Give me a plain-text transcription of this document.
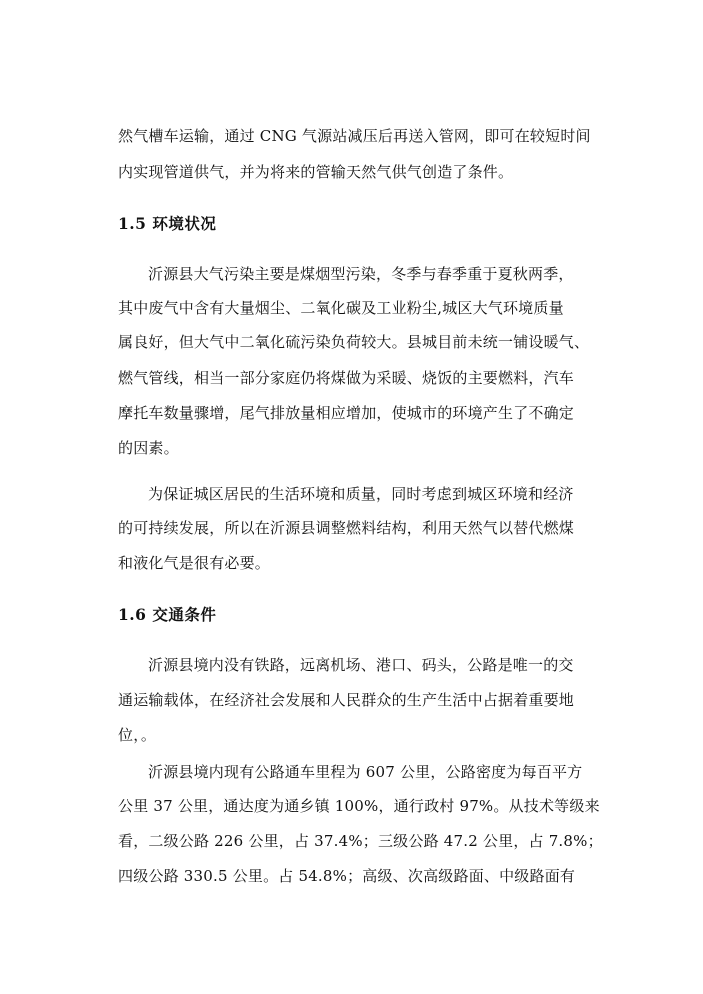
然气槽车运输，通过 CNG 气源站减压后再送入管网，即可在较短时间
内实现管道供气，并为将来的管输天然气供气创造了条件。
1.5 环境状况
沂源县大气污染主要是煤烟型污染，冬季与春季重于夏秋两季，
其中废气中含有大量烟尘、二氧化碳及工业粉尘,城区大气环境质量
属良好，但大气中二氧化硫污染负荷较大。县城目前未统一铺设暖气、
燃气管线，相当一部分家庭仍将煤做为采暖、烧饭的主要燃料，汽车
摩托车数量骤增，尾气排放量相应增加，使城市的环境产生了不确定
的因素。
为保证城区居民的生活环境和质量，同时考虑到城区环境和经济
的可持续发展，所以在沂源县调整燃料结构，利用天然气以替代燃煤
和液化气是很有必要。
1.6 交通条件
沂源县境内没有铁路，远离机场、港口、码头，公路是唯一的交
通运输载体，在经济社会发展和人民群众的生产生活中占据着重要地
位，。
沂源县境内现有公路通车里程为 607 公里，公路密度为每百平方
公里 37 公里，通达度为通乡镇 100%，通行政村 97%。从技术等级来
看，二级公路 226 公里，占 37.4%；三级公路 47.2 公里，占 7.8%；
四级公路 330.5 公里。占 54.8%；高级、次高级路面、中级路面有
